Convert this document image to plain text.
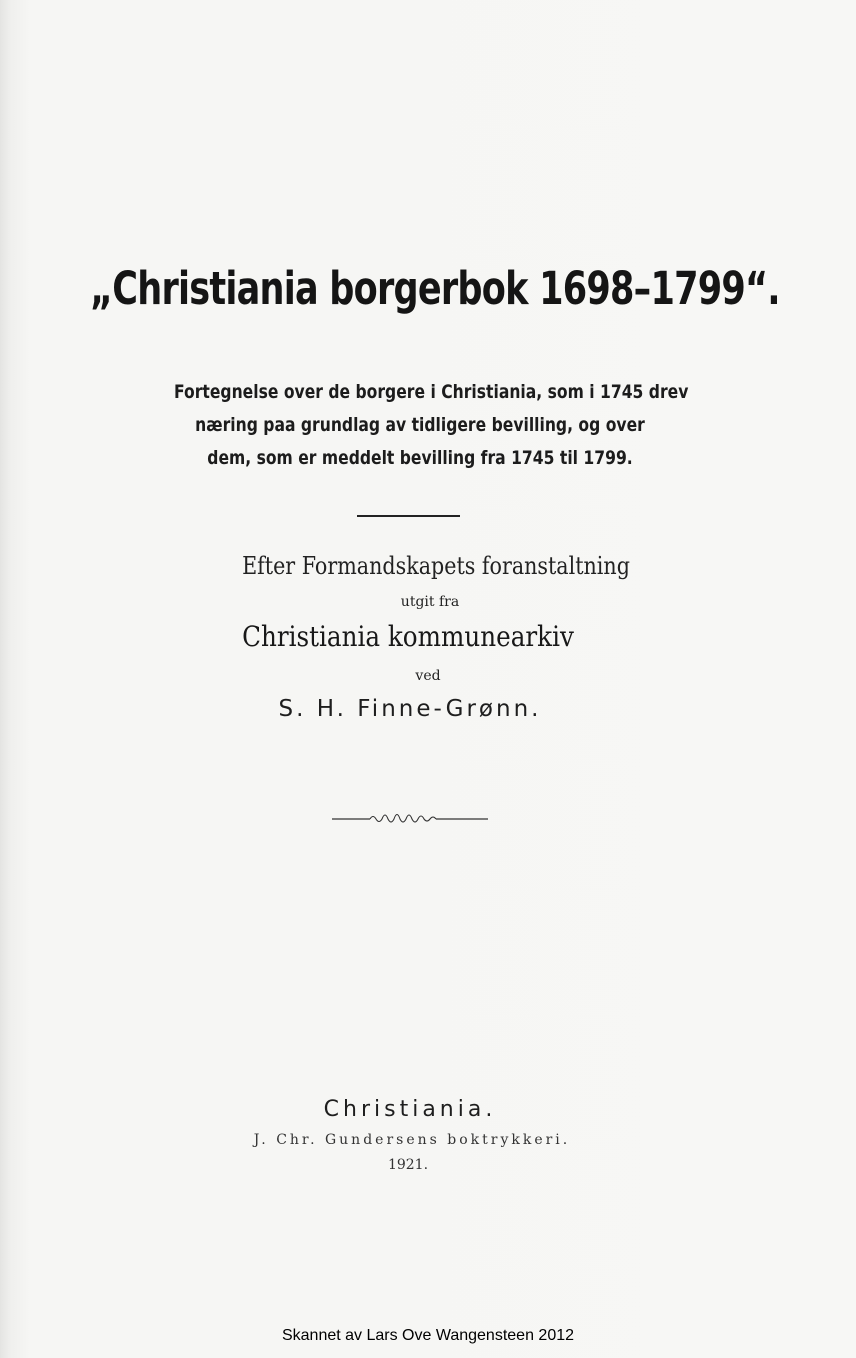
„Christiania borgerbok 1698–1799“.
Fortegnelse over de borgere i Christiania, som i 1745 drev
næring paa grundlag av tidligere bevilling, og over
dem, som er meddelt bevilling fra 1745 til 1799.
Efter Formandskapets foranstaltning
utgit fra
Christiania kommunearkiv
ved
S. H. Finne-Grønn.
Christiania.
J. Chr. Gundersens boktrykkeri.
1921.
Skannet av Lars Ove Wangensteen 2012
